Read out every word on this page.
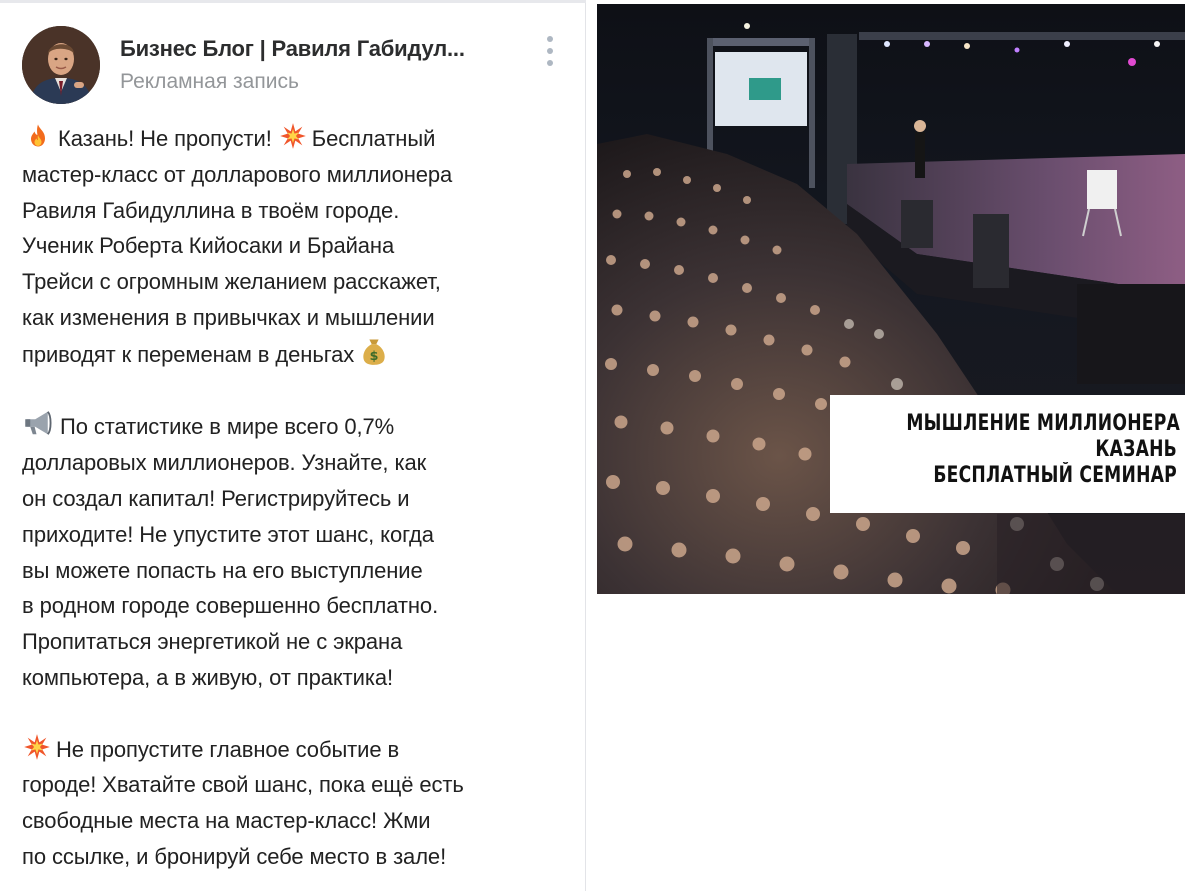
Бизнес Блог | Равиля Габидул...
Рекламная запись

Казань! Не пропусти! Бесплатный
мастер-класс от долларового миллионера
Равиля Габидуллина в твоём городе.
Ученик Роберта Кийосаки и Брайана
Трейси с огромным желанием расскажет,
как изменения в привычках и мышлении
приводят к переменам в деньгах $

По статистике в мире всего 0,7%
долларовых миллионеров. Узнайте, как
он создал капитал! Регистрируйтесь и
приходите! Не упустите этот шанс, когда
вы можете попасть на его выступление
в родном городе совершенно бесплатно.
Пропитаться энергетикой не с экрана
компьютера, а в живую, от практика!

Не пропустите главное событие в
городе! Хватайте свой шанс, пока ещё есть
свободные места на мастер-класс! Жми
по ссылке, и бронируй себе место в зале!

МЫШЛЕНИЕ МИЛЛИОНЕРА
КАЗАНЬ
БЕСПЛАТНЫЙ СЕМИНАР
